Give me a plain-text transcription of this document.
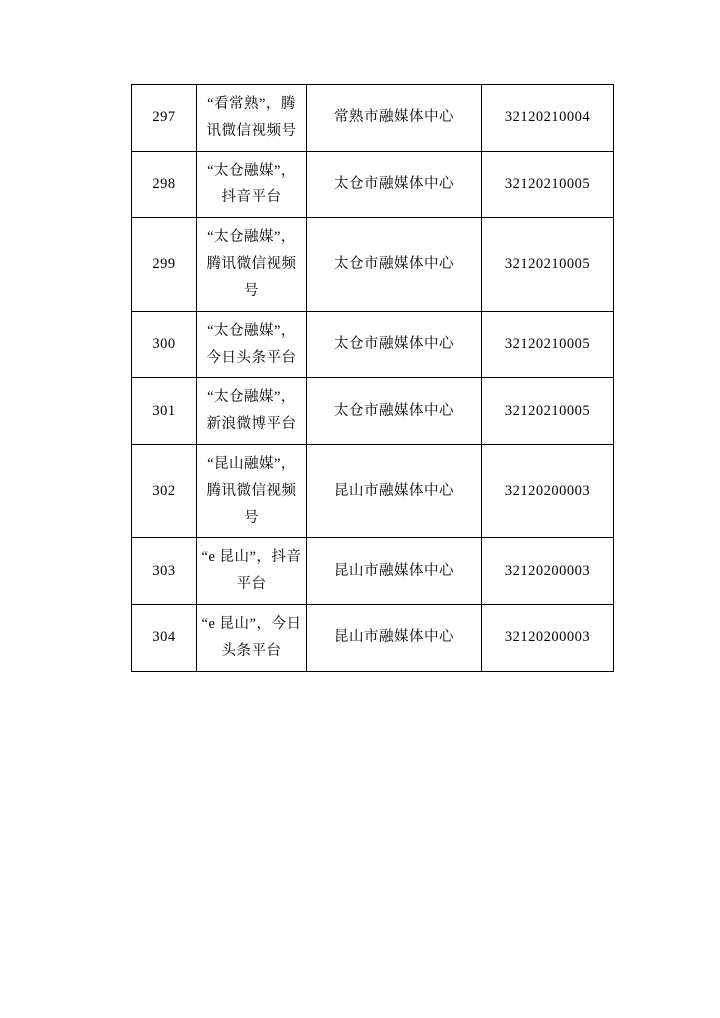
297	“看常熟”，腾讯微信视频号	常熟市融媒体中心	32120210004
298	“太仓融媒”，抖音平台	太仓市融媒体中心	32120210005
299	“太仓融媒”，腾讯微信视频号	太仓市融媒体中心	32120210005
300	“太仓融媒”，今日头条平台	太仓市融媒体中心	32120210005
301	“太仓融媒”，新浪微博平台	太仓市融媒体中心	32120210005
302	“昆山融媒”，腾讯微信视频号	昆山市融媒体中心	32120200003
303	“e 昆山”，抖音平台	昆山市融媒体中心	32120200003
304	“e 昆山”，今日头条平台	昆山市融媒体中心	32120200003
